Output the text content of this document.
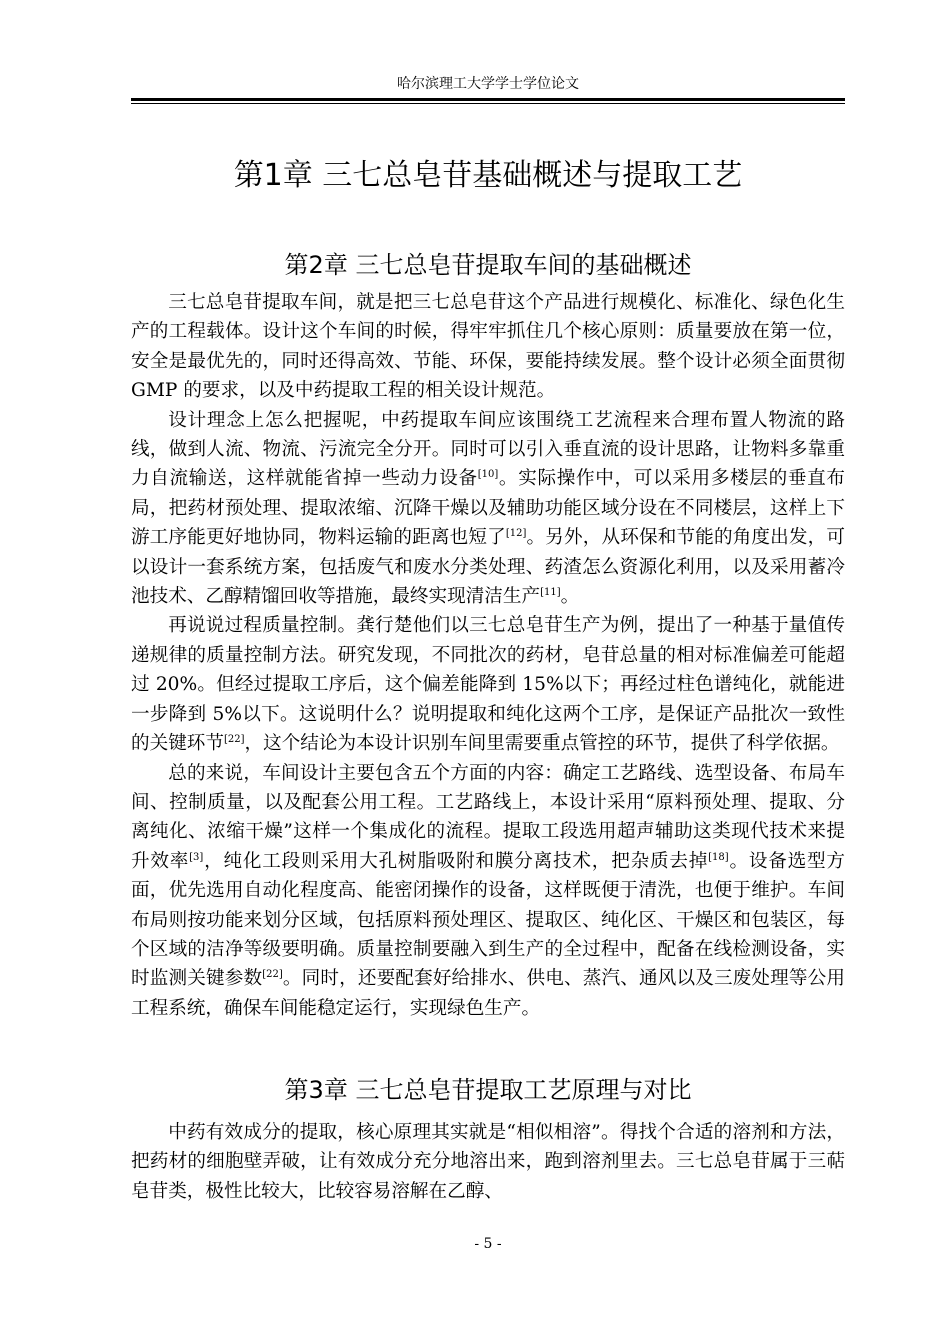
哈尔滨理工大学学士学位论文
第1章 三七总皂苷基础概述与提取工艺
第2章 三七总皂苷提取车间的基础概述

三七总皂苷提取车间，就是把三七总皂苷这个产品进行规模化、标准化、绿色化生产的工程载体。设计这个车间的时候，得牢牢抓住几个核心原则：质量要放在第一位，安全是最优先的，同时还得高效、节能、环保，要能持续发展。整个设计必须全面贯彻 GMP 的要求，以及中药提取工程的相关设计规范。

设计理念上怎么把握呢，中药提取车间应该围绕工艺流程来合理布置人物流的路线，做到人流、物流、污流完全分开。同时可以引入垂直流的设计思路，让物料多靠重力自流输送，这样就能省掉一些动力设备[10]。实际操作中，可以采用多楼层的垂直布局，把药材预处理、提取浓缩、沉降干燥以及辅助功能区域分设在不同楼层，这样上下游工序能更好地协同，物料运输的距离也短了[12]。另外，从环保和节能的角度出发，可以设计一套系统方案，包括废气和废水分类处理、药渣怎么资源化利用，以及采用蓄冷池技术、乙醇精馏回收等措施，最终实现清洁生产[11]。

再说说过程质量控制。龚行楚他们以三七总皂苷生产为例，提出了一种基于量值传递规律的质量控制方法。研究发现，不同批次的药材，皂苷总量的相对标准偏差可能超过 20%。但经过提取工序后，这个偏差能降到 15%以下；再经过柱色谱纯化，就能进一步降到 5%以下。这说明什么？说明提取和纯化这两个工序，是保证产品批次一致性的关键环节[22]，这个结论为本设计识别车间里需要重点管控的环节，提供了科学依据。

总的来说，车间设计主要包含五个方面的内容：确定工艺路线、选型设备、布局车间、控制质量，以及配套公用工程。工艺路线上，本设计采用“原料预处理、提取、分离纯化、浓缩干燥”这样一个集成化的流程。提取工段选用超声辅助这类现代技术来提升效率[3]，纯化工段则采用大孔树脂吸附和膜分离技术，把杂质去掉[18]。设备选型方面，优先选用自动化程度高、能密闭操作的设备，这样既便于清洗，也便于维护。车间布局则按功能来划分区域，包括原料预处理区、提取区、纯化区、干燥区和包装区，每个区域的洁净等级要明确。质量控制要融入到生产的全过程中，配备在线检测设备，实时监测关键参数[22]。同时，还要配套好给排水、供电、蒸汽、通风以及三废处理等公用工程系统，确保车间能稳定运行，实现绿色生产。

第3章 三七总皂苷提取工艺原理与对比

中药有效成分的提取，核心原理其实就是“相似相溶”。得找个合适的溶剂和方法，把药材的细胞壁弄破，让有效成分充分地溶出来，跑到溶剂里去。三七总皂苷属于三萜皂苷类，极性比较大，比较容易溶解在乙醇、

- 5 -
